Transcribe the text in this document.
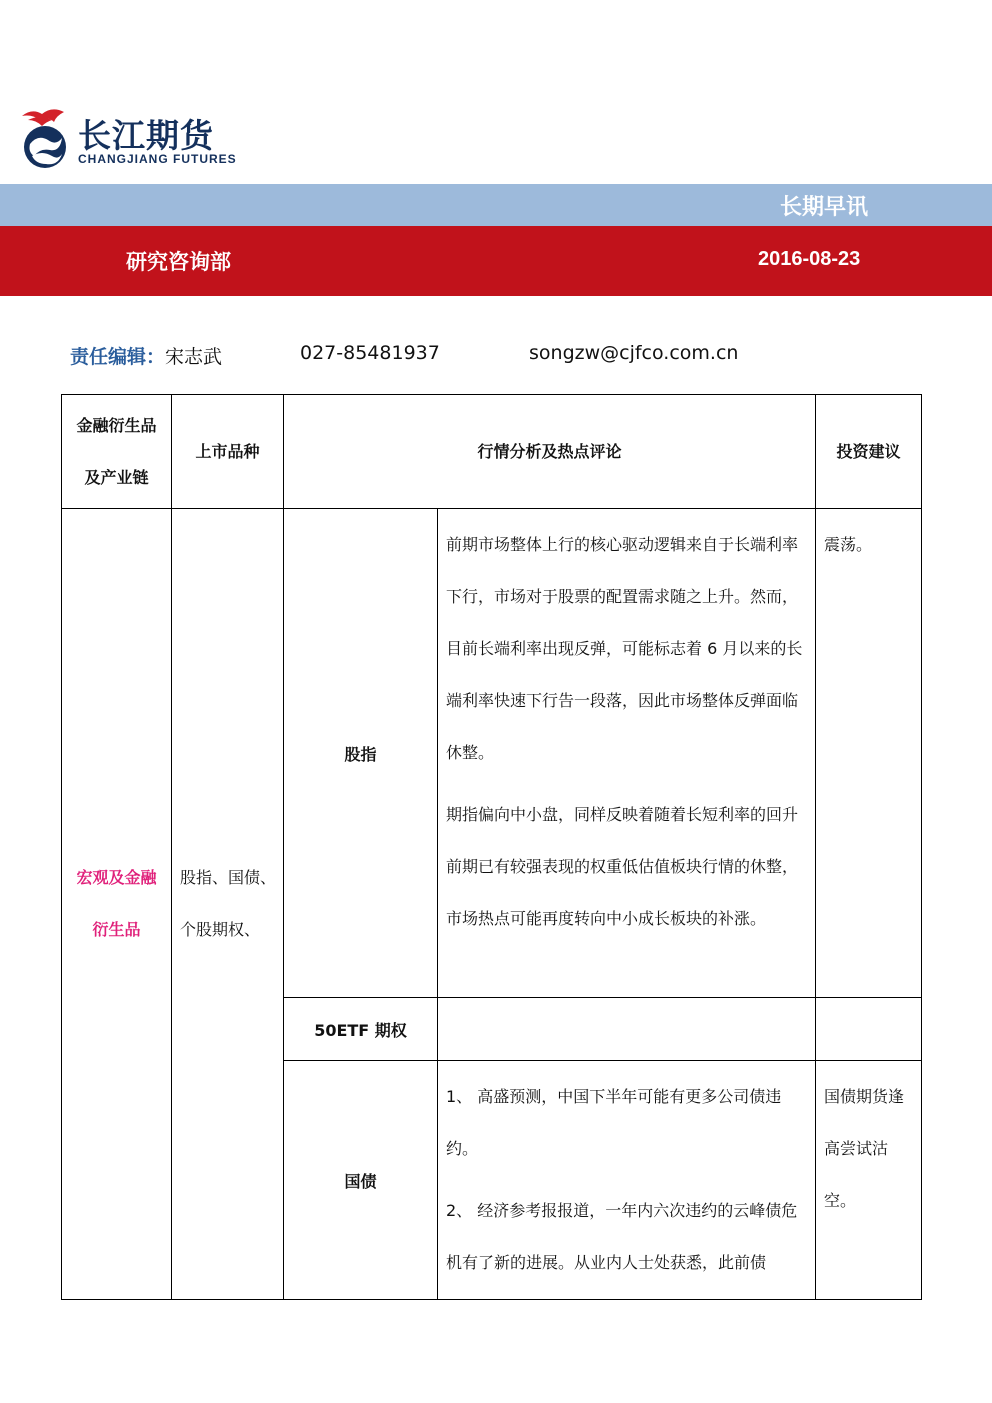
长江期货
CHANGJIANG FUTURES
长期早讯
研究咨询部	2016-08-23
责任编辑：宋志武	027-85481937	songzw@cjfco.com.cn
金融衍生品及产业链	上市品种	行情分析及热点评论		投资建议
宏观及金融衍生品	股指、国债、个股期权、	股指	前期市场整体上行的核心驱动逻辑来自于长端利率下行，市场对于股票的配置需求随之上升。然而，目前长端利率出现反弹，可能标志着 6 月以来的长端利率快速下行告一段落，因此市场整体反弹面临休整。

期指偏向中小盘，同样反映着随着长短利率的回升前期已有较强表现的权重低估值板块行情的休整，市场热点可能再度转向中小成长板块的补涨。	震荡。
		50ETF 期权		
		国债	1、 高盛预测，中国下半年可能有更多公司债违约。

2、 经济参考报报道，一年内六次违约的云峰债危机有了新的进展。从业内人士处获悉，此前债	国债期货逢高尝试沽空。
